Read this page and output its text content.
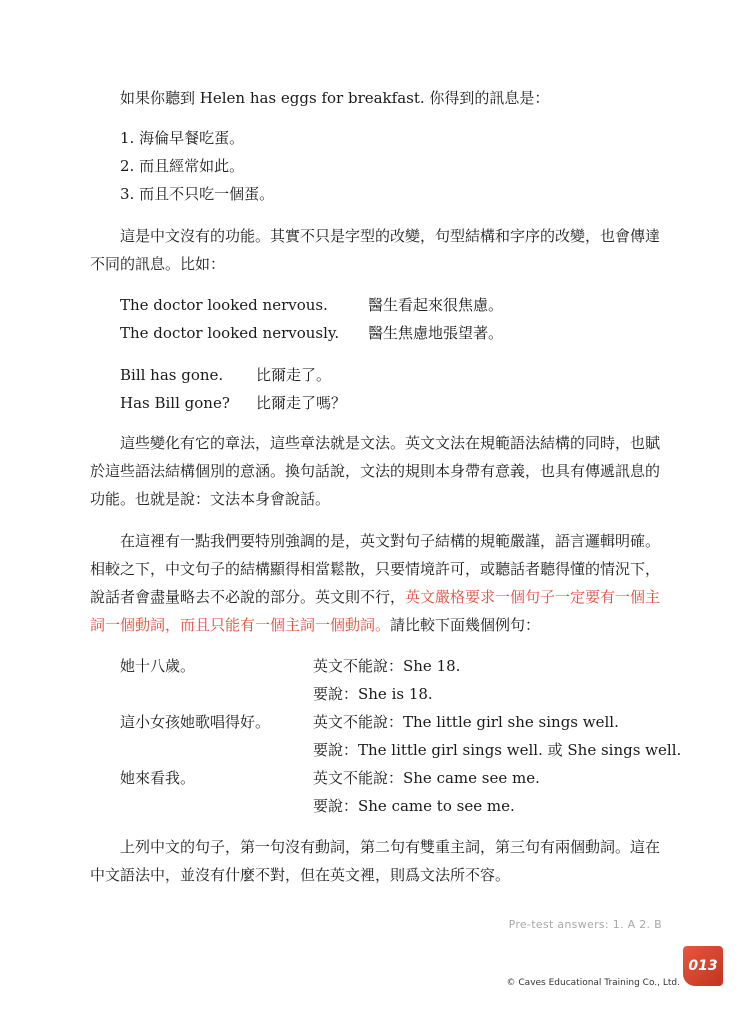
如果你聽到 Helen has eggs for breakfast. 你得到的訊息是：

1. 海倫早餐吃蛋。

2. 而且經常如此。

3. 而且不只吃一個蛋。

這是中文沒有的功能。其實不只是字型的改變，句型結構和字序的改變，也會傳達不同的訊息。比如：
The doctor looked nervous.	醫生看起來很焦慮。
The doctor looked nervously. 醫生焦慮地張望著。
Bill has gone. 比爾走了。
Has Bill gone? 比爾走了嗎？
這些變化有它的章法，這些章法就是文法。英文文法在規範語法結構的同時，也賦於這些語法結構個別的意涵。換句話說，文法的規則本身帶有意義，也具有傳遞訊息的功能。也就是說：文法本身會說話。
在這裡有一點我們要特別強調的是，英文對句子結構的規範嚴謹，語言邏輯明確。相較之下，中文句子的結構顯得相當鬆散，只要情境許可，或聽話者聽得懂的情況下，說話者會盡量略去不必說的部分。英文則不行，英文嚴格要求一個句子一定要有一個主詞一個動詞，而且只能有一個主詞一個動詞。請比較下面幾個例句：
她十八歲。	英文不能說：She 18.
要說：She is 18.
這小女孩她歌唱得好。	英文不能說：The little girl she sings well.
要說：The little girl sings well. 或 She sings well.
她來看我。	英文不能說：She came see me.
要說：She came to see me.
上列中文的句子，第一句沒有動詞，第二句有雙重主詞，第三句有兩個動詞。這在中文語法中，並沒有什麼不對，但在英文裡，則爲文法所不容。
Pre-test answers: 1. A 2. B
013
© Caves Educational Training Co., Ltd.
